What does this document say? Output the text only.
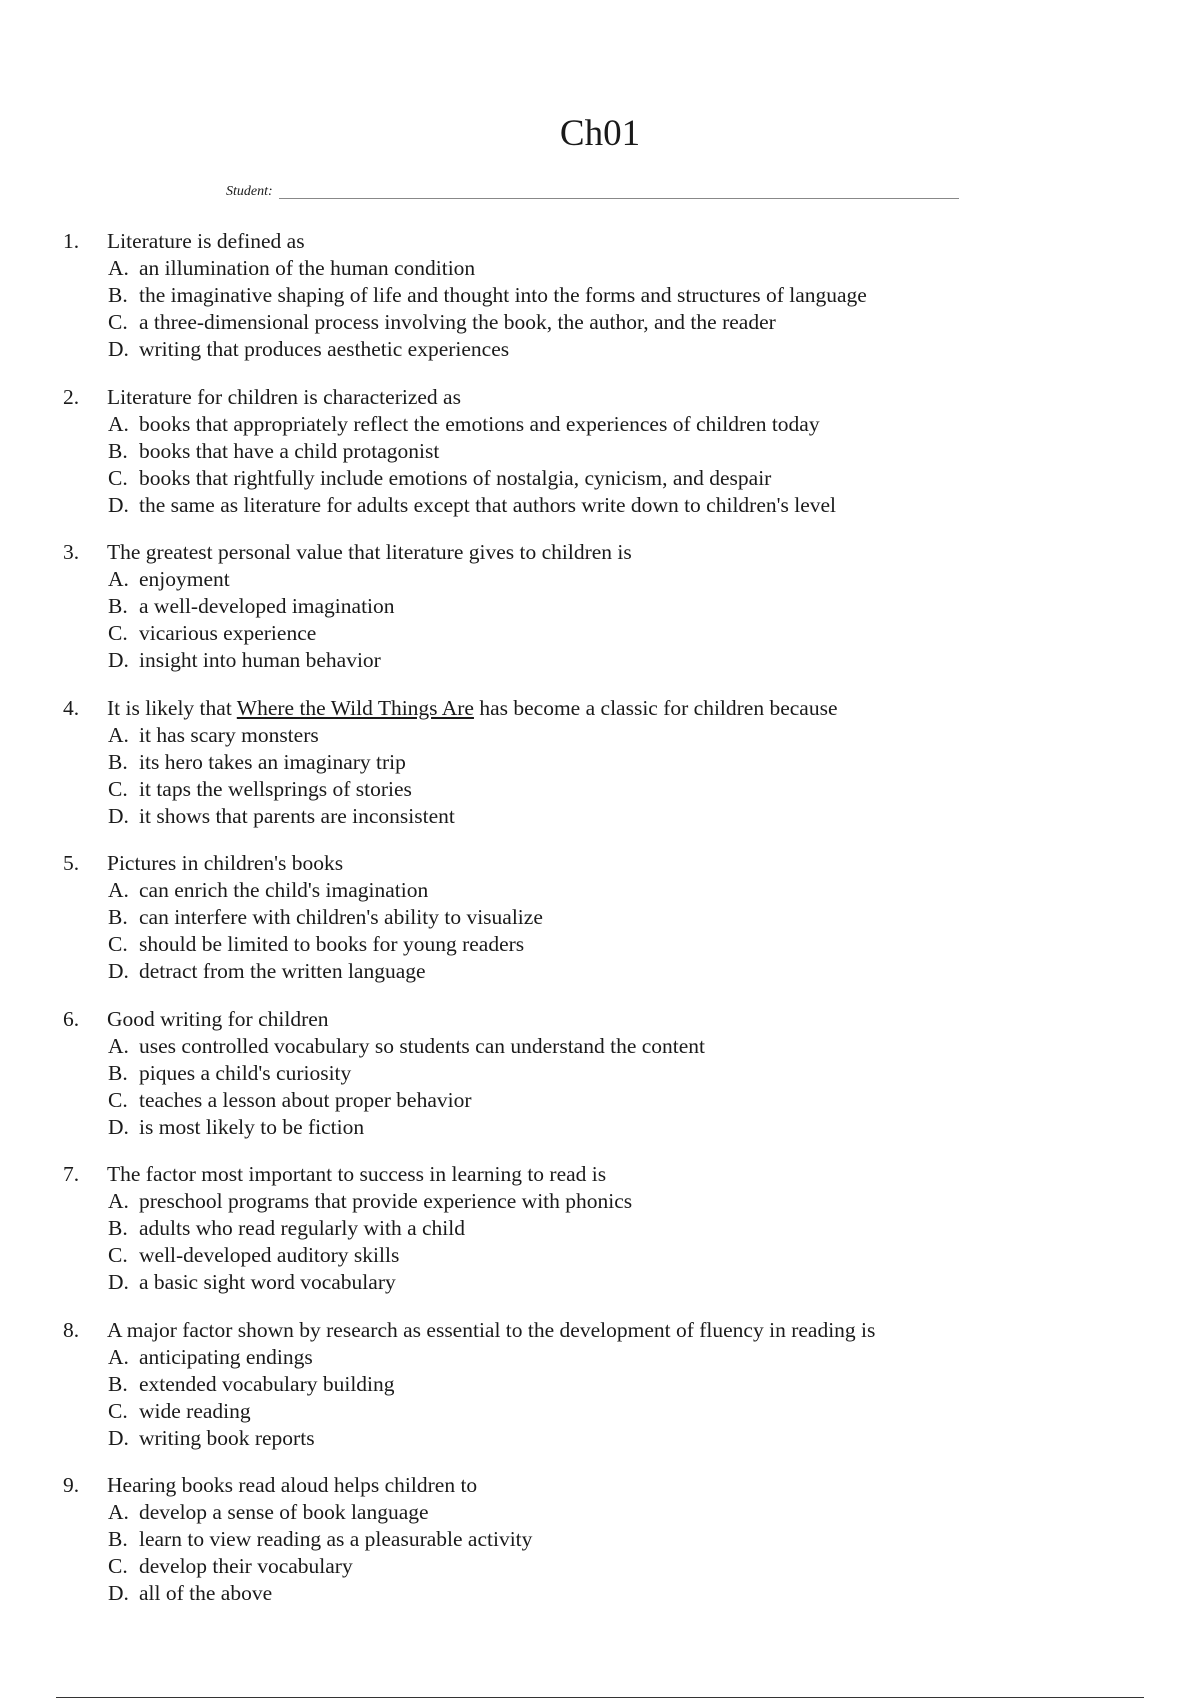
Ch01
Student:
1. Literature is defined as
A. an illumination of the human condition
B. the imaginative shaping of life and thought into the forms and structures of language
C. a three-dimensional process involving the book, the author, and the reader
D. writing that produces aesthetic experiences
2. Literature for children is characterized as
A. books that appropriately reflect the emotions and experiences of children today
B. books that have a child protagonist
C. books that rightfully include emotions of nostalgia, cynicism, and despair
D. the same as literature for adults except that authors write down to children's level
3. The greatest personal value that literature gives to children is
A. enjoyment
B. a well-developed imagination
C. vicarious experience
D. insight into human behavior
4. It is likely that Where the Wild Things Are has become a classic for children because
A. it has scary monsters
B. its hero takes an imaginary trip
C. it taps the wellsprings of stories
D. it shows that parents are inconsistent
5. Pictures in children's books
A. can enrich the child's imagination
B. can interfere with children's ability to visualize
C. should be limited to books for young readers
D. detract from the written language
6. Good writing for children
A. uses controlled vocabulary so students can understand the content
B. piques a child's curiosity
C. teaches a lesson about proper behavior
D. is most likely to be fiction
7. The factor most important to success in learning to read is
A. preschool programs that provide experience with phonics
B. adults who read regularly with a child
C. well-developed auditory skills
D. a basic sight word vocabulary
8. A major factor shown by research as essential to the development of fluency in reading is
A. anticipating endings
B. extended vocabulary building
C. wide reading
D. writing book reports
9. Hearing books read aloud helps children to
A. develop a sense of book language
B. learn to view reading as a pleasurable activity
C. develop their vocabulary
D. all of the above
